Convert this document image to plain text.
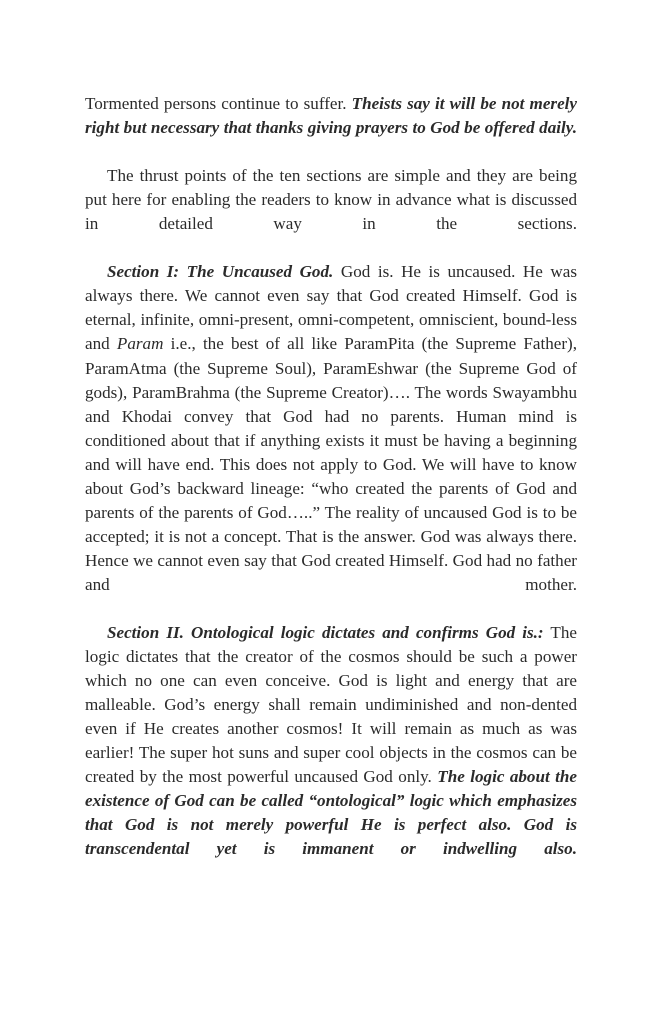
Tormented persons continue to suffer. Theists say it will be not merely right but necessary that thanks giving prayers to God be offered daily.

The thrust points of the ten sections are simple and they are being put here for enabling the readers to know in advance what is discussed in detailed way in the sections.

Section I: The Uncaused God. God is. He is uncaused. He was always there. We cannot even say that God created Himself. God is eternal, infinite, omni-present, omni-competent, omniscient, bound-less and Param i.e., the best of all like ParamPita (the Supreme Father), ParamAtma (the Supreme Soul), ParamEshwar (the Supreme God of gods), ParamBrahma (the Supreme Creator)…. The words Swayambhu and Khodai convey that God had no parents. Human mind is conditioned about that if anything exists it must be having a beginning and will have end. This does not apply to God. We will have to know about God’s backward lineage: “who created the parents of God and parents of the parents of God…..” The reality of uncaused God is to be accepted; it is not a concept. That is the answer. God was always there. Hence we cannot even say that God created Himself. God had no father and mother.

Section II. Ontological logic dictates and confirms God is.: The logic dictates that the creator of the cosmos should be such a power which no one can even conceive. God is light and energy that are malleable. God’s energy shall remain undiminished and non-dented even if He creates another cosmos! It will remain as much as was earlier! The super hot suns and super cool objects in the cosmos can be created by the most powerful uncaused God only. The logic about the existence of God can be called “ontological” logic which emphasizes that God is not merely powerful He is perfect also. God is transcendental yet is immanent or indwelling also.
